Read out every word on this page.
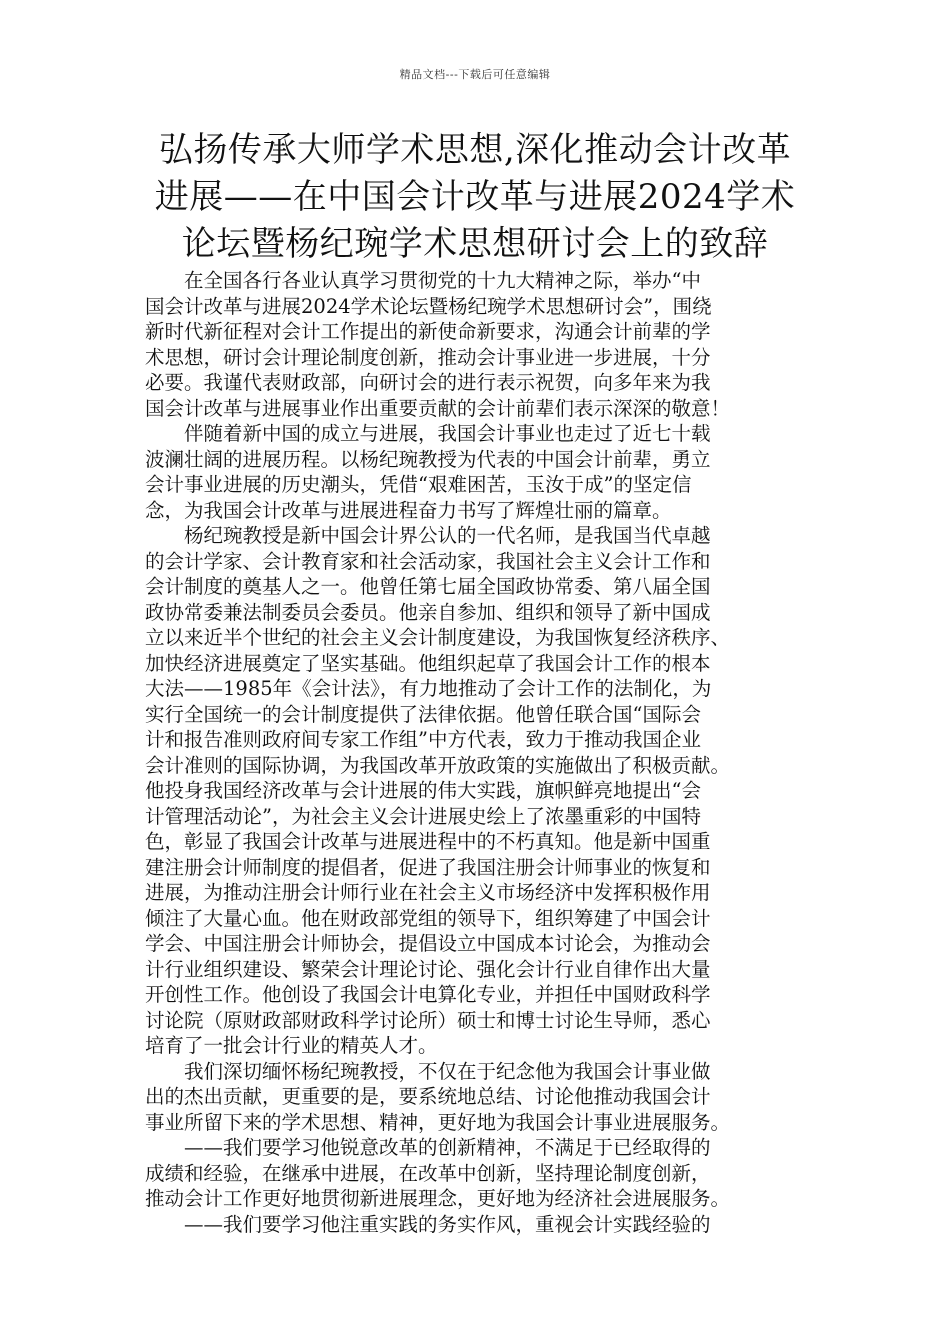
精品文档---下载后可任意编辑
弘扬传承大师学术思想,深化推动会计改革
进展——在中国会计改革与进展2024学术
论坛暨杨纪琬学术思想研讨会上的致辞
　　在全国各行各业认真学习贯彻党的十九大精神之际，举办“中
国会计改革与进展2024学术论坛暨杨纪琬学术思想研讨会”，围绕
新时代新征程对会计工作提出的新使命新要求，沟通会计前辈的学
术思想，研讨会计理论制度创新，推动会计事业进一步进展，十分
必要。我谨代表财政部，向研讨会的进行表示祝贺，向多年来为我
国会计改革与进展事业作出重要贡献的会计前辈们表示深深的敬意！
　　伴随着新中国的成立与进展，我国会计事业也走过了近七十载
波澜壮阔的进展历程。以杨纪琬教授为代表的中国会计前辈，勇立
会计事业进展的历史潮头，凭借“艰难困苦，玉汝于成”的坚定信
念，为我国会计改革与进展进程奋力书写了辉煌壮丽的篇章。
　　杨纪琬教授是新中国会计界公认的一代名师，是我国当代卓越
的会计学家、会计教育家和社会活动家，我国社会主义会计工作和
会计制度的奠基人之一。他曾任第七届全国政协常委、第八届全国
政协常委兼法制委员会委员。他亲自参加、组织和领导了新中国成
立以来近半个世纪的社会主义会计制度建设，为我国恢复经济秩序、
加快经济进展奠定了坚实基础。他组织起草了我国会计工作的根本
大法——1985年《会计法》，有力地推动了会计工作的法制化，为
实行全国统一的会计制度提供了法律依据。他曾任联合国“国际会
计和报告准则政府间专家工作组”中方代表，致力于推动我国企业
会计准则的国际协调，为我国改革开放政策的实施做出了积极贡献。
他投身我国经济改革与会计进展的伟大实践，旗帜鲜亮地提出“会
计管理活动论”，为社会主义会计进展史绘上了浓墨重彩的中国特
色，彰显了我国会计改革与进展进程中的不朽真知。他是新中国重
建注册会计师制度的提倡者，促进了我国注册会计师事业的恢复和
进展，为推动注册会计师行业在社会主义市场经济中发挥积极作用
倾注了大量心血。他在财政部党组的领导下，组织筹建了中国会计
学会、中国注册会计师协会，提倡设立中国成本讨论会，为推动会
计行业组织建设、繁荣会计理论讨论、强化会计行业自律作出大量
开创性工作。他创设了我国会计电算化专业，并担任中国财政科学
讨论院（原财政部财政科学讨论所）硕士和博士讨论生导师，悉心
培育了一批会计行业的精英人才。
　　我们深切缅怀杨纪琬教授，不仅在于纪念他为我国会计事业做
出的杰出贡献，更重要的是，要系统地总结、讨论他推动我国会计
事业所留下来的学术思想、精神，更好地为我国会计事业进展服务。
　　——我们要学习他锐意改革的创新精神，不满足于已经取得的
成绩和经验，在继承中进展，在改革中创新，坚持理论制度创新，
推动会计工作更好地贯彻新进展理念，更好地为经济社会进展服务。
　　——我们要学习他注重实践的务实作风，重视会计实践经验的
